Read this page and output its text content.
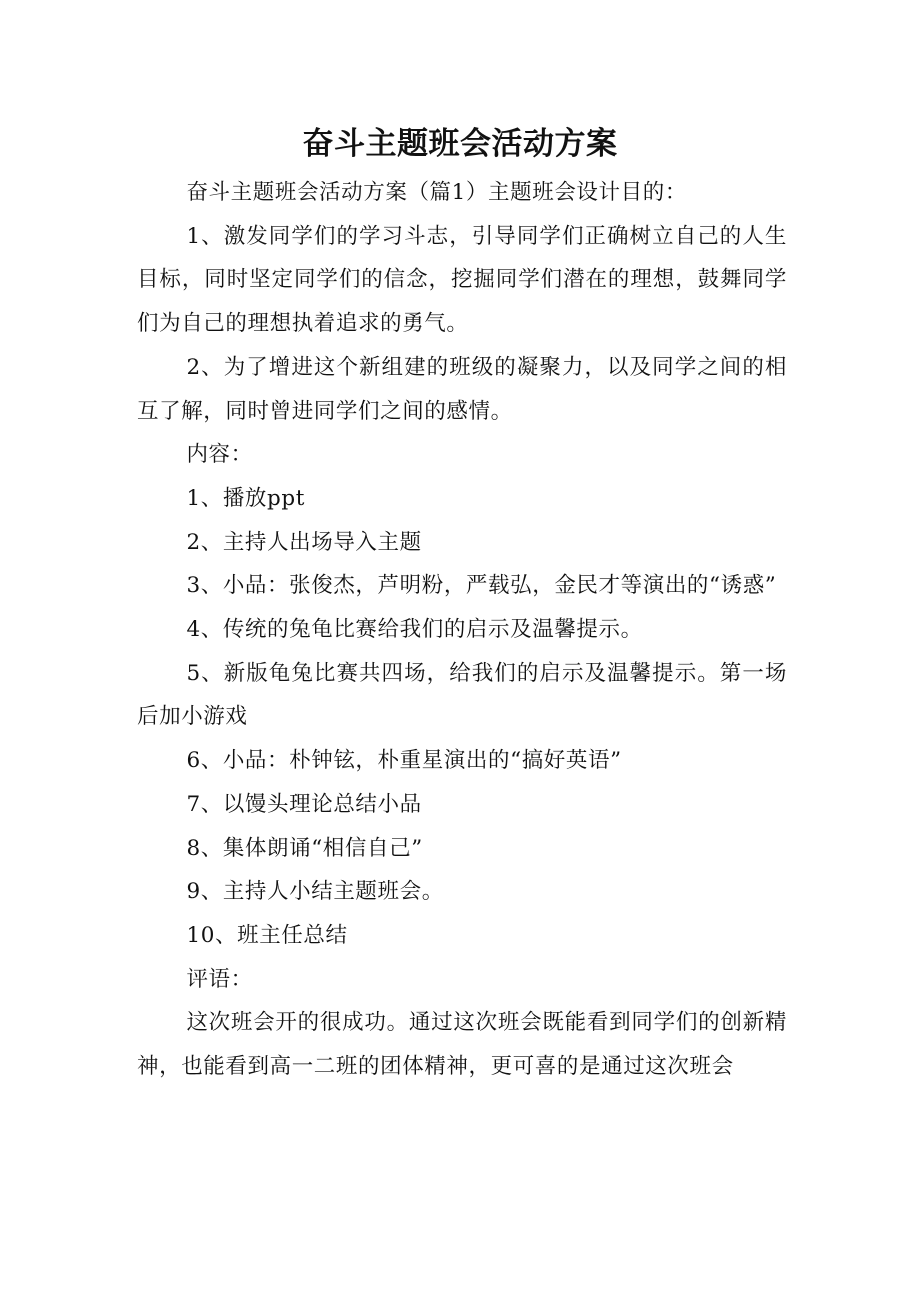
奋斗主题班会活动方案

奋斗主题班会活动方案（篇1）主题班会设计目的：

1、激发同学们的学习斗志，引导同学们正确树立自己的人生目标，同时坚定同学们的信念，挖掘同学们潜在的理想，鼓舞同学们为自己的理想执着追求的勇气。

2、为了增进这个新组建的班级的凝聚力，以及同学之间的相互了解，同时曾进同学们之间的感情。

内容：

1、播放ppt

2、主持人出场导入主题

3、小品：张俊杰，芦明粉，严载弘，金民才等演出的“诱惑”

4、传统的兔龟比赛给我们的启示及温馨提示。

5、新版龟兔比赛共四场，给我们的启示及温馨提示。第一场后加小游戏

6、小品：朴钟铉，朴重星演出的“搞好英语”

7、以馒头理论总结小品

8、集体朗诵“相信自己”

9、主持人小结主题班会。

10、班主任总结

评语：

这次班会开的很成功。通过这次班会既能看到同学们的创新精神，也能看到高一二班的团体精神，更可喜的是通过这次班会
